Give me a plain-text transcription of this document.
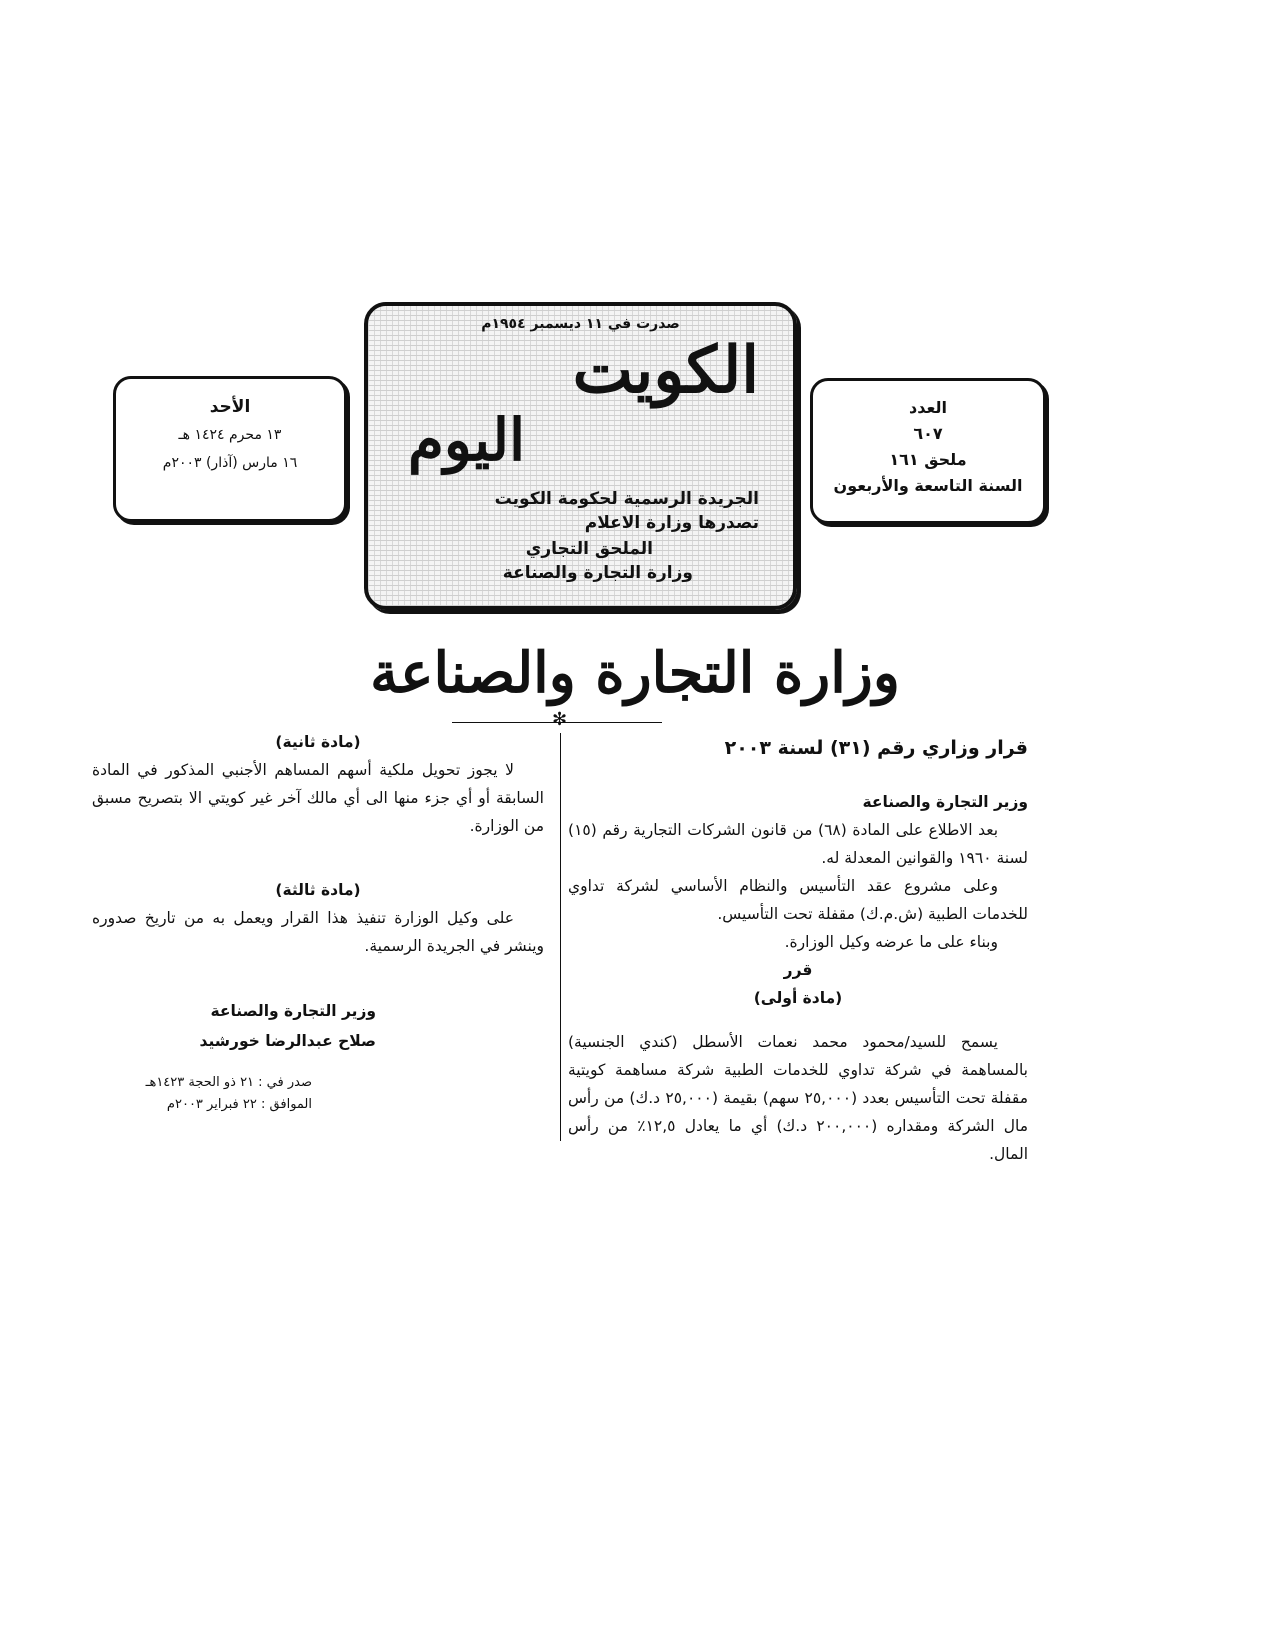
العدد
٦٠٧
ملحق ١٦١
السنة التاسعة والأربعون
صدرت في ١١ ديسمبر ١٩٥٤م
الكويت
اليوم
الجريدة الرسمية لحكومة الكويت
تصدرها وزارة الاعلام
الملحق التجاري
وزارة التجارة والصناعة
الأحد
١٣ محرم ١٤٢٤ هـ
١٦ مارس (آذار) ٢٠٠٣م
وزارة التجارة والصناعة
✻
قرار وزاري رقم (٣١) لسنة ٢٠٠٣
وزير التجارة والصناعة

بعد الاطلاع على المادة (٦٨) من قانون الشركات التجارية رقم (١٥) لسنة ١٩٦٠ والقوانين المعدلة له.

وعلى مشروع عقد التأسيس والنظام الأساسي لشركة تداوي للخدمات الطبية (ش.م.ك) مقفلة تحت التأسيس.

وبناء على ما عرضه وكيل الوزارة.

قرر
(مادة أولى)

يسمح للسيد/محمود محمد نعمات الأسطل (كندي الجنسية) بالمساهمة في شركة تداوي للخدمات الطبية شركة مساهمة كويتية مقفلة تحت التأسيس بعدد (٢٥,٠٠٠ سهم) بقيمة (٢٥,٠٠٠ د.ك) من رأس مال الشركة ومقداره (٢٠٠,٠٠٠ د.ك) أي ما يعادل ١٢,٥٪ من رأس المال.

(مادة ثانية)

لا يجوز تحويل ملكية أسهم المساهم الأجنبي المذكور في المادة السابقة أو أي جزء منها الى أي مالك آخر غير كويتي الا بتصريح مسبق من الوزارة.

(مادة ثالثة)

على وكيل الوزارة تنفيذ هذا القرار ويعمل به من تاريخ صدوره وينشر في الجريدة الرسمية.

وزير التجارة والصناعة
صلاح عبدالرضا خورشيد
صدر في : ٢١ ذو الحجة ١٤٢٣هـ
الموافق : ٢٢ فبراير ٢٠٠٣م
